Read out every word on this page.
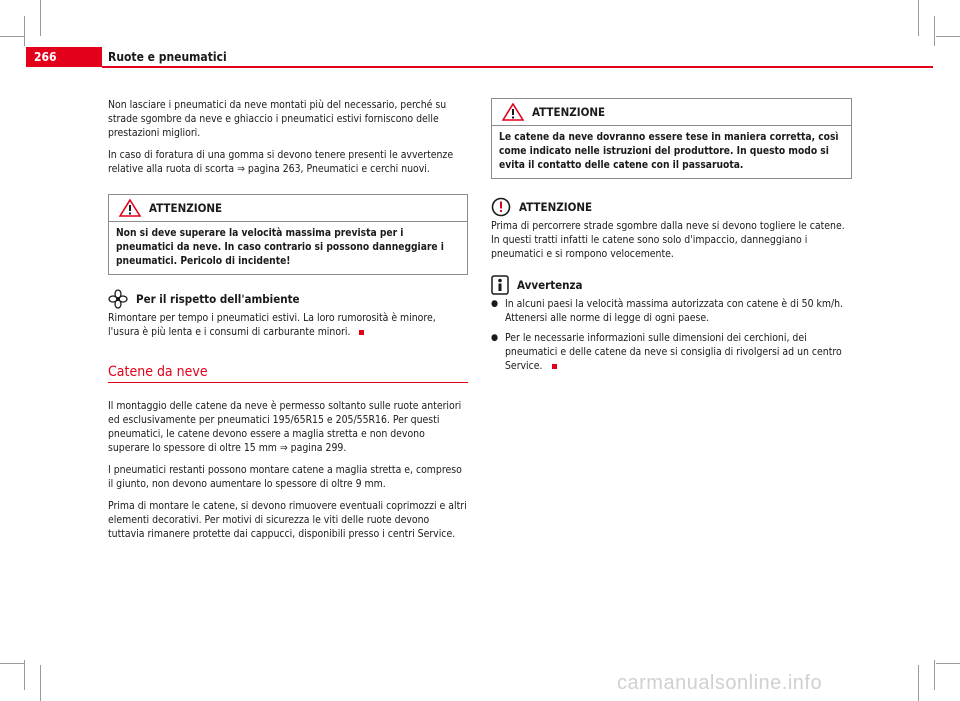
266	Ruote e pneumatici

Non lasciare i pneumatici da neve montati più del necessario, perché su strade sgombre da neve e ghiaccio i pneumatici estivi forniscono delle prestazioni migliori.

In caso di foratura di una gomma si devono tenere presenti le avvertenze relative alla ruota di scorta ⇒ pagina 263, Pneumatici e cerchi nuovi.

ATTENZIONE
Non si deve superare la velocità massima prevista per i pneumatici da neve. In caso contrario si possono danneggiare i pneumatici. Pericolo di incidente!
Per il rispetto dell'ambiente

Rimontare per tempo i pneumatici estivi. La loro rumorosità è minore, l'usura è più lenta e i consumi di carburante minori.

Catene da neve

Il montaggio delle catene da neve è permesso soltanto sulle ruote anteriori ed esclusivamente per pneumatici 195/65R15 e 205/55R16. Per questi pneumatici, le catene devono essere a maglia stretta e non devono superare lo spessore di oltre 15 mm ⇒ pagina 299.

I pneumatici restanti possono montare catene a maglia stretta e, compreso il giunto, non devono aumentare lo spessore di oltre 9 mm.

Prima di montare le catene, si devono rimuovere eventuali coprimozzi e altri elementi decorativi. Per motivi di sicurezza le viti delle ruote devono tuttavia rimanere protette dai cappucci, disponibili presso i centri Service.

ATTENZIONE
Le catene da neve dovranno essere tese in maniera corretta, così come indicato nelle istruzioni del produttore. In questo modo si evita il contatto delle catene con il passaruota.
ATTENZIONE

Prima di percorrere strade sgombre dalla neve si devono togliere le catene. In questi tratti infatti le catene sono solo d'impaccio, danneggiano i pneumatici e si rompono velocemente.

Avvertenza

● In alcuni paesi la velocità massima autorizzata con catene è di 50 km/h. Attenersi alle norme di legge di ogni paese.

● Per le necessarie informazioni sulle dimensioni dei cerchioni, dei pneumatici e delle catene da neve si consiglia di rivolgersi ad un centro Service.

carmanualsonline.info
